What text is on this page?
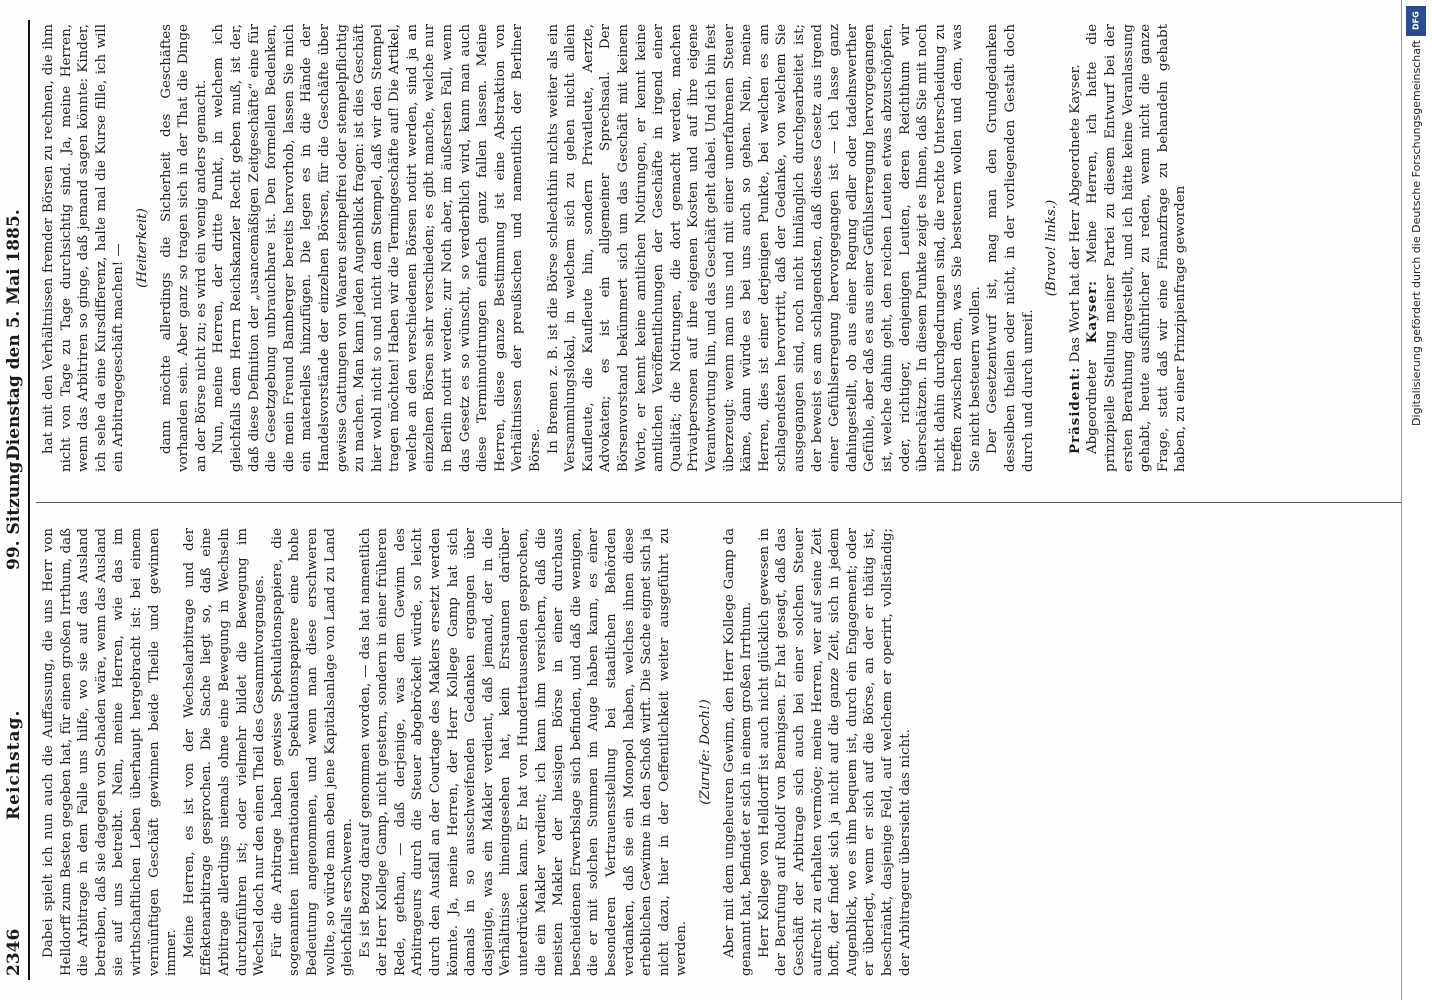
2346
Reichstag.
99. Sitzung.
Dienstag den 5. Mai 1885.

Dabei spielt ich nun auch die Auffassung, die uns Herr von Helldorff zum Besten gegeben hat, für einen großen Irrthum, daß die Arbitrage in dem Falle uns hilfe, wo sie auf das Ausland betreiben, daß sie dagegen von Schaden wäre, wenn das Ausland sie auf uns betreibt. Nein, meine Herren, wie das im wirthschaftlichen Leben überhaupt hergebracht ist: bei einem vernünftigen Geschäft gewinnen beide Theile und gewinnen immer. Meine Herren, es ist von der Wechselarbitrage und der Effektenarbitrage gesprochen. Die Sache liegt so, daß eine Arbitrage allerdings niemals ohne eine Bewegung in Wechseln durchzuführen ist; oder vielmehr bildet die Bewegung im Wechsel doch nur den einen Theil des Gesammtvorganges. Für die Arbitrage haben gewisse Spekulationspapiere, die sogenannten internationalen Spekulationspapiere eine hohe Bedeutung angenommen, und wenn man diese erschweren wollte, so würde man eben jene Kapitalsanlage von Land zu Land gleichfalls erschweren. Es ist Bezug darauf genommen worden, — das hat namentlich der Herr Kollege Gamp, nicht gestern, sondern in einer früheren Rede, gethan, — daß derjenige, was dem Gewinn des Arbitrageurs durch die Steuer abgebröckelt würde, so leicht durch den Ausfall an der Courtage des Maklers ersetzt werden könnte. Ja, meine Herren, der Herr Kollege Gamp hat sich damals in so ausschweifenden Gedanken ergangen über dasjenige, was ein Makler verdient, daß jemand, der in die Verhältnisse hineingesehen hat, kein Erstaunen darüber unterdrücken kann. Er hat von Hunderttausenden gesprochen, die ein Makler verdient; ich kann ihm versichern, daß die meisten Makler der hiesigen Börse in einer durchaus bescheidenen Erwerbslage sich befinden, und daß die wenigen, die er mit solchen Summen im Auge haben kann, es einer besonderen Vertrauensstellung bei staatlichen Behörden verdanken, daß sie ein Monopol haben, welches ihnen diese erheblichen Gewinne in den Schoß wirft. Die Sache eignet sich ja nicht dazu, hier in der Oeffentlichkeit weiter ausgeführt zu werden.

(Zurufe: Doch!) Aber mit dem ungeheuren Gewinn, den Herr Kollege Gamp da genannt hat, befindet er sich in einem großen Irrthum. Herr Kollege von Helldorff ist auch nicht glücklich gewesen in der Berufung auf Rudolf von Bennigsen. Er hat gesagt, daß das Geschäft der Arbitrage sich auch bei einer solchen Steuer aufrecht zu erhalten vermöge; meine Herren, wer auf seine Zeit hofft, der findet sich ja nicht auf die ganze Zeit, sich in jedem Augenblick, wo es ihm bequem ist, durch ein Engagement; oder er überlegt, wenn er sich auf die Börse, an der er thätig ist, beschränkt, dasjenige Feld, auf welchem er operirt, vollständig; der Arbitrageur übersieht das nicht.

hat mit den Verhältnissen fremder Börsen zu rechnen, die ihm nicht von Tage zu Tage durchsichtig sind. Ja, meine Herren, wenn das Arbitriren so ginge, daß jemand sagen könnte: Kinder, ich sehe da eine Kursdifferenz, halte mal die Kurse fille, ich will ein Arbitragegeschäft machen! — (Heiterkeit) dann möchte allerdings die Sicherheit des Geschäftes vorhanden sein. Aber ganz so tragen sich in der That die Dinge an der Börse nicht zu; es wird ein wenig anders gemacht. Nun, meine Herren, der dritte Punkt, in welchem ich gleichfalls dem Herrn Reichskanzler Recht geben muß, ist der, daß diese Definition der „usancemäßigen Zeitgeschäfte“ eine für die Gesetzgebung unbrauchbare ist. Den formellen Bedenken, die mein Freund Bamberger bereits hervorhob, lassen Sie mich ein materielles hinzufügen. Die legen es in die Hände der Handelsvorstände der einzelnen Börsen, für die Geschäfte über gewisse Gattungen von Waaren stempelfrei oder stempelpflichtig zu machen. Man kann jeden Augenblick fragen: ist dies Geschäft hier wohl nicht so und nicht dem Stempel, daß wir den Stempel tragen möchten! Haben wir die Termingeschäfte auf! Die Artikel, welche an den verschiedenen Börsen notirt werden, sind ja an einzelnen Börsen sehr verschieden; es gibt manche, welche nur in Berlin notirt werden; zur Noth aber, im äußersten Fall, wenn das Gesetz es so wünscht, so verderblich wird, kann man auch diese Terminnotirungen einfach ganz fallen lassen. Meine Herren, diese ganze Bestimmung ist eine Abstraktion von Verhältnissen der preußischen und namentlich der Berliner Börse. In Bremen z. B. ist die Börse schlechthin nichts weiter als ein Versammlungslokal, in welchem sich zu gehen nicht allein Kaufleute, die Kaufleute hin, sondern Privatleute, Aerzte, Advokaten; es ist ein allgemeiner Sprechsaal. Der Börsenvorstand bekümmert sich um das Geschäft mit keinem Worte, er kennt keine amtlichen Notirungen, er kennt keine amtlichen Veröffentlichungen der Geschäfte in irgend einer Qualität; die Notirungen, die dort gemacht werden, machen Privatpersonen auf ihre eigenen Kosten und auf ihre eigene Verantwortung hin, und das Geschäft geht dabei. Und ich bin fest überzeugt: wenn man uns und mit einer unerfahrenen Steuer käme, dann würde es bei uns auch so gehen. Nein, meine Herren, dies ist einer derjenigen Punkte, bei welchen es am schlagendsten hervortritt, daß der Gedanke, von welchem Sie ausgegangen sind, noch nicht hinlänglich durchgearbeitet ist; der beweist es am schlagendsten, daß dieses Gesetz aus irgend einer Gefühlserregung hervorgegangen ist — ich lasse ganz dahingestellt, ob aus einer Regung edler oder tadelnswerther Gefühle, aber daß es aus einer Gefühlserregung hervorgegangen ist, welche dahin geht, den reichen Leuten etwas abzuschöpfen, oder, richtiger, denjenigen Leuten, deren Reichthum wir überschätzen. In diesem Punkte zeigt es Ihnen, daß Sie mit noch nicht dahin durchgedrungen sind, die rechte Unterscheidung zu treffen zwischen dem, was Sie besteuern wollen und dem, was Sie nicht besteuern wollen. Der Gesetzentwurf ist, mag man den Grundgedanken desselben theilen oder nicht, in der vorliegenden Gestalt doch durch und durch unreif.

(Bravo! links.)

Präsident: Das Wort hat der Herr Abgeordnete Kayser.

Abgeordneter Kayser: Meine Herren, ich hatte die prinzipielle Stellung meiner Partei zu diesem Entwurf bei der ersten Berathung dargestellt, und ich hätte keine Veranlassung gehabt, heute ausführlicher zu reden, wenn nicht die ganze Frage, statt daß wir eine Finanzfrage zu behandeln gehabt haben, zu einer Prinzipienfrage geworden

DFG
Digitalisierung gefördert durch die Deutsche Forschungsgemeinschaft
